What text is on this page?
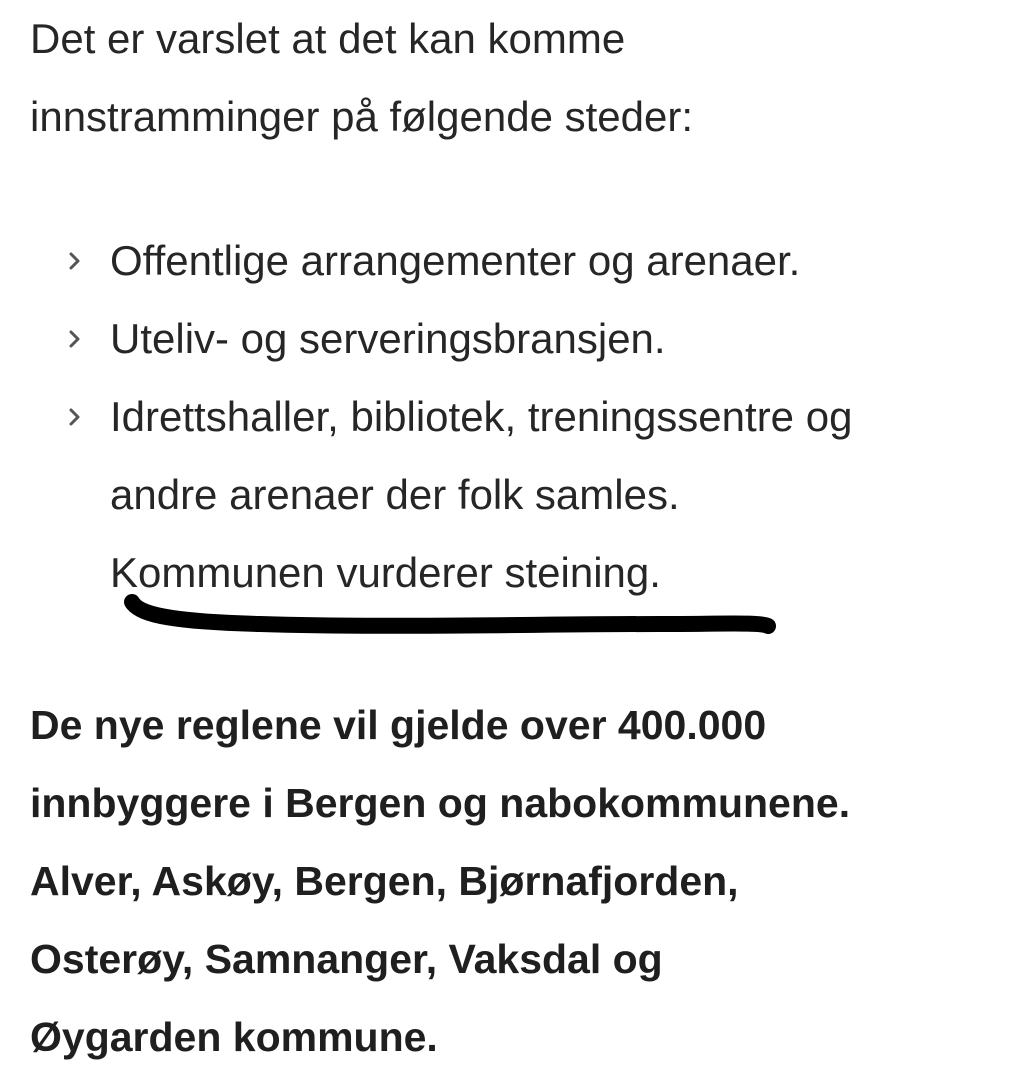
Det er varslet at det kan komme
innstramminger på følgende steder:

Offentlige arrangementer og arenaer.
Uteliv- og serveringsbransjen.
Idrettshaller, bibliotek, treningssentre og
andre arenaer der folk samles.
Kommunen vurderer steining.

De nye reglene vil gjelde over 400.000
innbyggere i Bergen og nabokommunene.
Alver, Askøy, Bergen, Bjørnafjorden,
Osterøy, Samnanger, Vaksdal og
Øygarden kommune.
